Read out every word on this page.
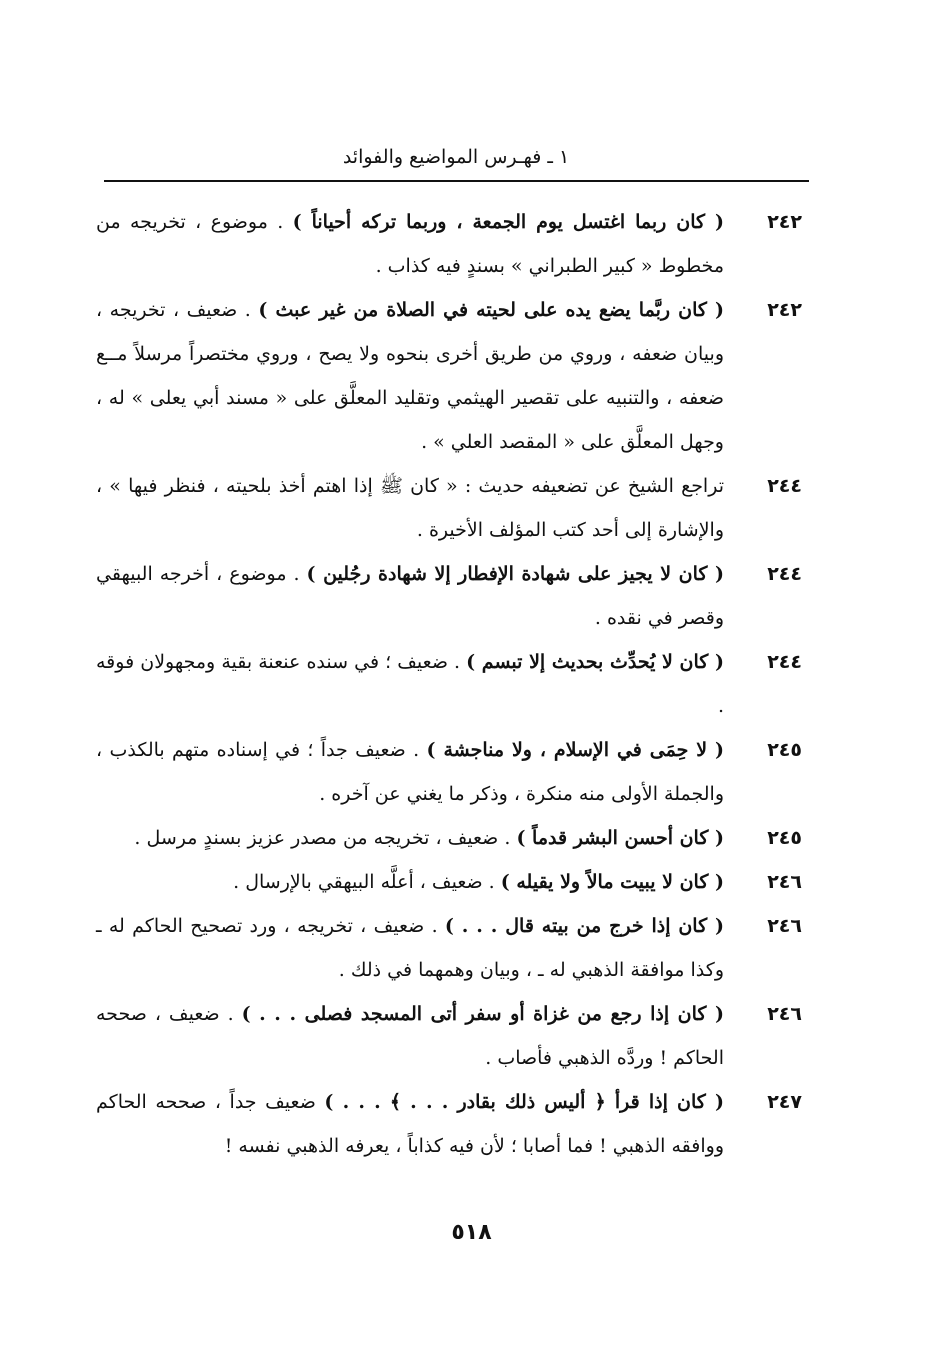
١ ـ فهـرس المواضيع والفوائد
٢٤٢
( كان ربما اغتسل يوم الجمعة ، وربما تركه أحياناً ) . موضوع ، تخريجه من مخطوط « كبير الطبراني » بسندٍ فيه كذاب .
٢٤٢
( كان ربَّما يضع يده على لحيته في الصلاة من غير عبث ) . ضعيف ، تخريجه ، وبيان ضعفه ، وروي من طريق أخرى بنحوه ولا يصح ، وروي مختصراً مرسلاً مــع ضعفه ، والتنبيه على تقصير الهيثمي وتقليد المعلَّق على « مسند أبي يعلى » له ، وجهل المعلَّق على « المقصد العلي » .
٢٤٤
تراجع الشيخ عن تضعيفه حديث : « كان ﷺ إذا اهتم أخذ بلحيته ، فنظر فيها » ، والإشارة إلى أحد كتب المؤلف الأخيرة .
٢٤٤
( كان لا يجيز على شهادة الإفطار إلا شهادة رجُلين ) . موضوع ، أخرجه البيهقي وقصر في نقده .
٢٤٤
( كان لا يُحدِّث بحديث إلا تبسم ) . ضعيف ؛ في سنده عنعنة بقية ومجهولان فوقه .
٢٤٥
( لا حِمَى في الإسلام ، ولا مناجشة ) . ضعيف جداً ؛ في إسناده متهم بالكذب ، والجملة الأولى منه منكرة ، وذكر ما يغني عن آخره .
٢٤٥
( كان أحسن البشر قدماً ) . ضعيف ، تخريجه من مصدر عزيز بسندٍ مرسل .
٢٤٦
( كان لا يبيت مالاً ولا يقيله ) . ضعيف ، أعلَّه البيهقي بالإرسال .
٢٤٦
( كان إذا خرج من بيته قال . . . ) . ضعيف ، تخريجه ، ورد تصحيح الحاكم له ـ وكذا موافقة الذهبي له ـ ، وبيان وهمهما في ذلك .
٢٤٦
( كان إذا رجع من غزاة أو سفر أتى المسجد فصلى . . . ) . ضعيف ، صححه الحاكم ! وردَّه الذهبي فأصاب .
٢٤٧
( كان إذا قرأ ﴿ أليس ذلك بقادر . . . ﴾ . . . ) ضعيف جداً ، صححه الحاكم ووافقه الذهبي ! فما أصابا ؛ لأن فيه كذاباً ، يعرفه الذهبي نفسه !
٥١٨
